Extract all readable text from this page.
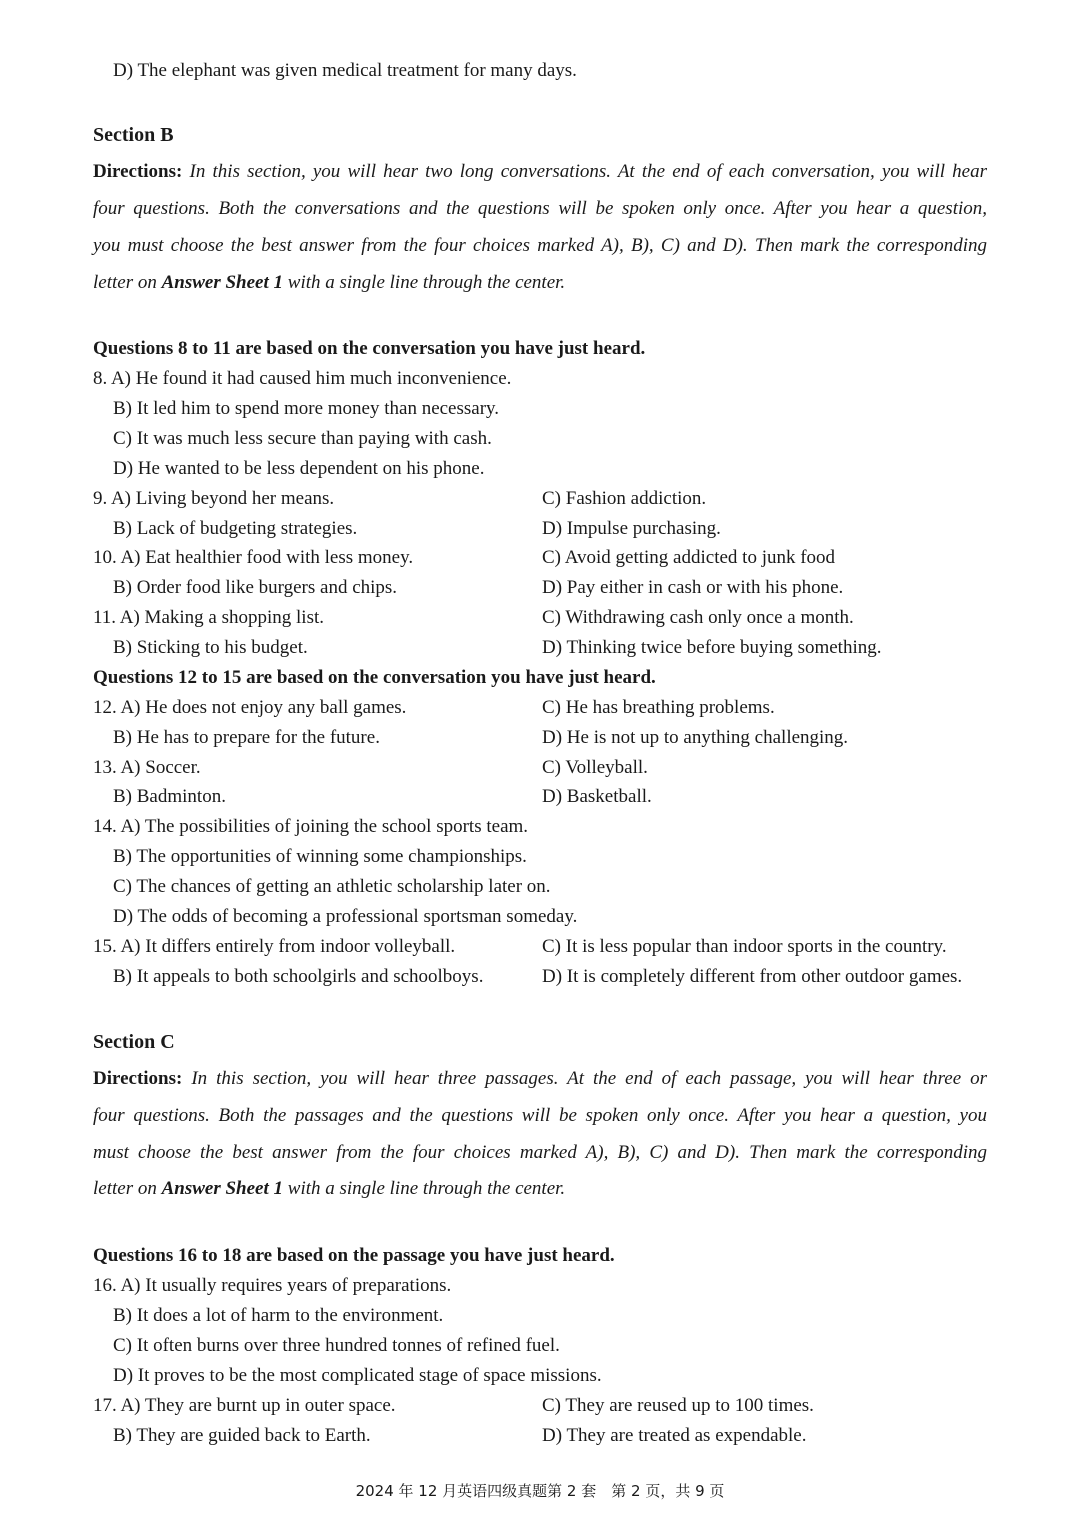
D) The elephant was given medical treatment for many days.
Section B
Directions: In this section, you will hear two long conversations. At the end of each conversation, you will hear
four questions. Both the conversations and the questions will be spoken only once. After you hear a question,
you must choose the best answer from the four choices marked A), B), C) and D). Then mark the corresponding
letter on Answer Sheet 1 with a single line through the center.
Questions 8 to 11 are based on the conversation you have just heard.
8. A) He found it had caused him much inconvenience.
B) It led him to spend more money than necessary.
C) It was much less secure than paying with cash.
D) He wanted to be less dependent on his phone.
9. A) Living beyond her means.	C) Fashion addiction.
B) Lack of budgeting strategies.	D) Impulse purchasing.
10. A) Eat healthier food with less money.	C) Avoid getting addicted to junk food
B) Order food like burgers and chips.	D) Pay either in cash or with his phone.
11. A) Making a shopping list.	C) Withdrawing cash only once a month.
B) Sticking to his budget.	D) Thinking twice before buying something.
Questions 12 to 15 are based on the conversation you have just heard.
12. A) He does not enjoy any ball games.	C) He has breathing problems.
B) He has to prepare for the future.	D) He is not up to anything challenging.
13. A) Soccer.	C) Volleyball.
B) Badminton.	D) Basketball.
14. A) The possibilities of joining the school sports team.
B) The opportunities of winning some championships.
C) The chances of getting an athletic scholarship later on.
D) The odds of becoming a professional sportsman someday.
15. A) It differs entirely from indoor volleyball.	C) It is less popular than indoor sports in the country.
B) It appeals to both schoolgirls and schoolboys.	D) It is completely different from other outdoor games.
Section C
Directions: In this section, you will hear three passages. At the end of each passage, you will hear three or
four questions. Both the passages and the questions will be spoken only once. After you hear a question, you
must choose the best answer from the four choices marked A), B), C) and D). Then mark the corresponding
letter on Answer Sheet 1 with a single line through the center.
Questions 16 to 18 are based on the passage you have just heard.
16. A) It usually requires years of preparations.
B) It does a lot of harm to the environment.
C) It often burns over three hundred tonnes of refined fuel.
D) It proves to be the most complicated stage of space missions.
17. A) They are burnt up in outer space.	C) They are reused up to 100 times.
B) They are guided back to Earth.	D) They are treated as expendable.
2024 年 12 月英语四级真题第 2 套　第 2 页，共 9 页
